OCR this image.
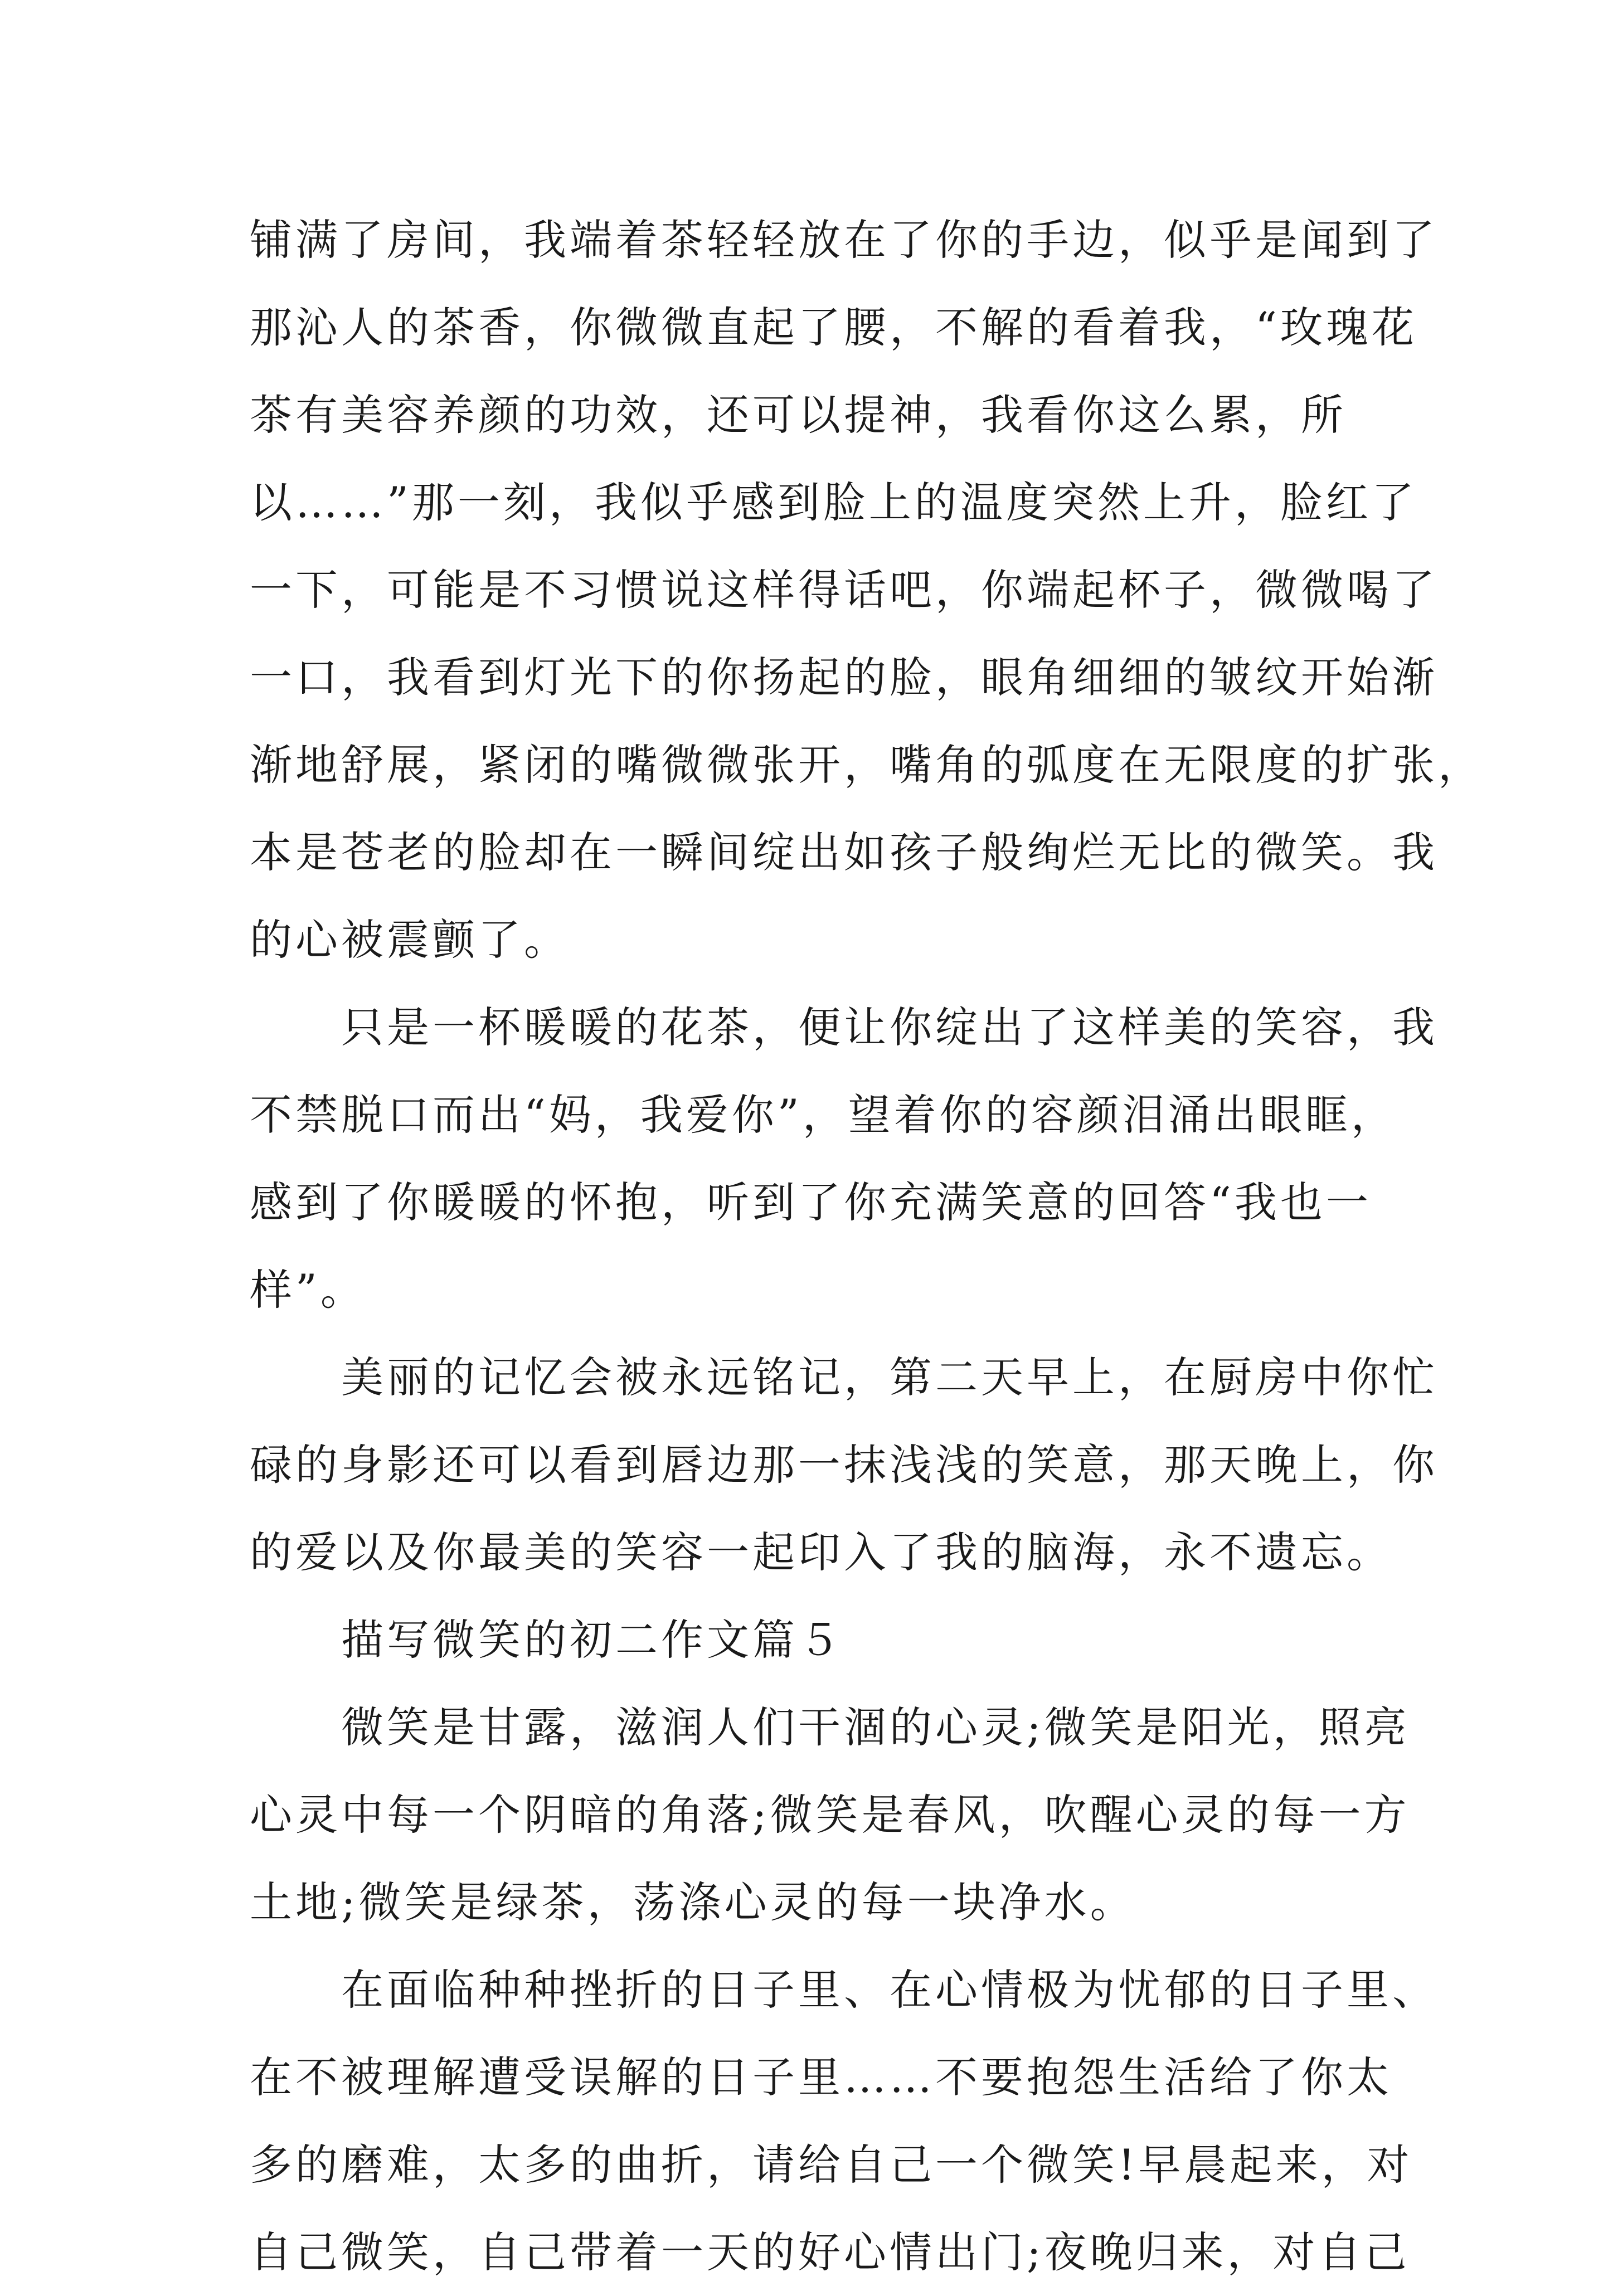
铺满了房间，我端着茶轻轻放在了你的手边，似乎是闻到了
那沁人的茶香，你微微直起了腰，不解的看着我，“玫瑰花
茶有美容养颜的功效，还可以提神，我看你这么累，所
以……”那一刻，我似乎感到脸上的温度突然上升，脸红了
一下，可能是不习惯说这样得话吧，你端起杯子，微微喝了
一口，我看到灯光下的你扬起的脸，眼角细细的皱纹开始渐
渐地舒展，紧闭的嘴微微张开，嘴角的弧度在无限度的扩张，
本是苍老的脸却在一瞬间绽出如孩子般绚烂无比的微笑。我
的心被震颤了。
　　只是一杯暖暖的花茶，便让你绽出了这样美的笑容，我
不禁脱口而出“妈，我爱你”，望着你的容颜泪涌出眼眶，
感到了你暖暖的怀抱，听到了你充满笑意的回答“我也一
样”。
　　美丽的记忆会被永远铭记，第二天早上，在厨房中你忙
碌的身影还可以看到唇边那一抹浅浅的笑意，那天晚上，你
的爱以及你最美的笑容一起印入了我的脑海，永不遗忘。
　　描写微笑的初二作文篇５
　　微笑是甘露，滋润人们干涸的心灵;微笑是阳光，照亮
心灵中每一个阴暗的角落;微笑是春风，吹醒心灵的每一方
土地;微笑是绿茶，荡涤心灵的每一块净水。
　　在面临种种挫折的日子里、在心情极为忧郁的日子里、
在不被理解遭受误解的日子里……不要抱怨生活给了你太
多的磨难，太多的曲折，请给自己一个微笑!早晨起来，对
自己微笑，自己带着一天的好心情出门;夜晚归来，对自己
